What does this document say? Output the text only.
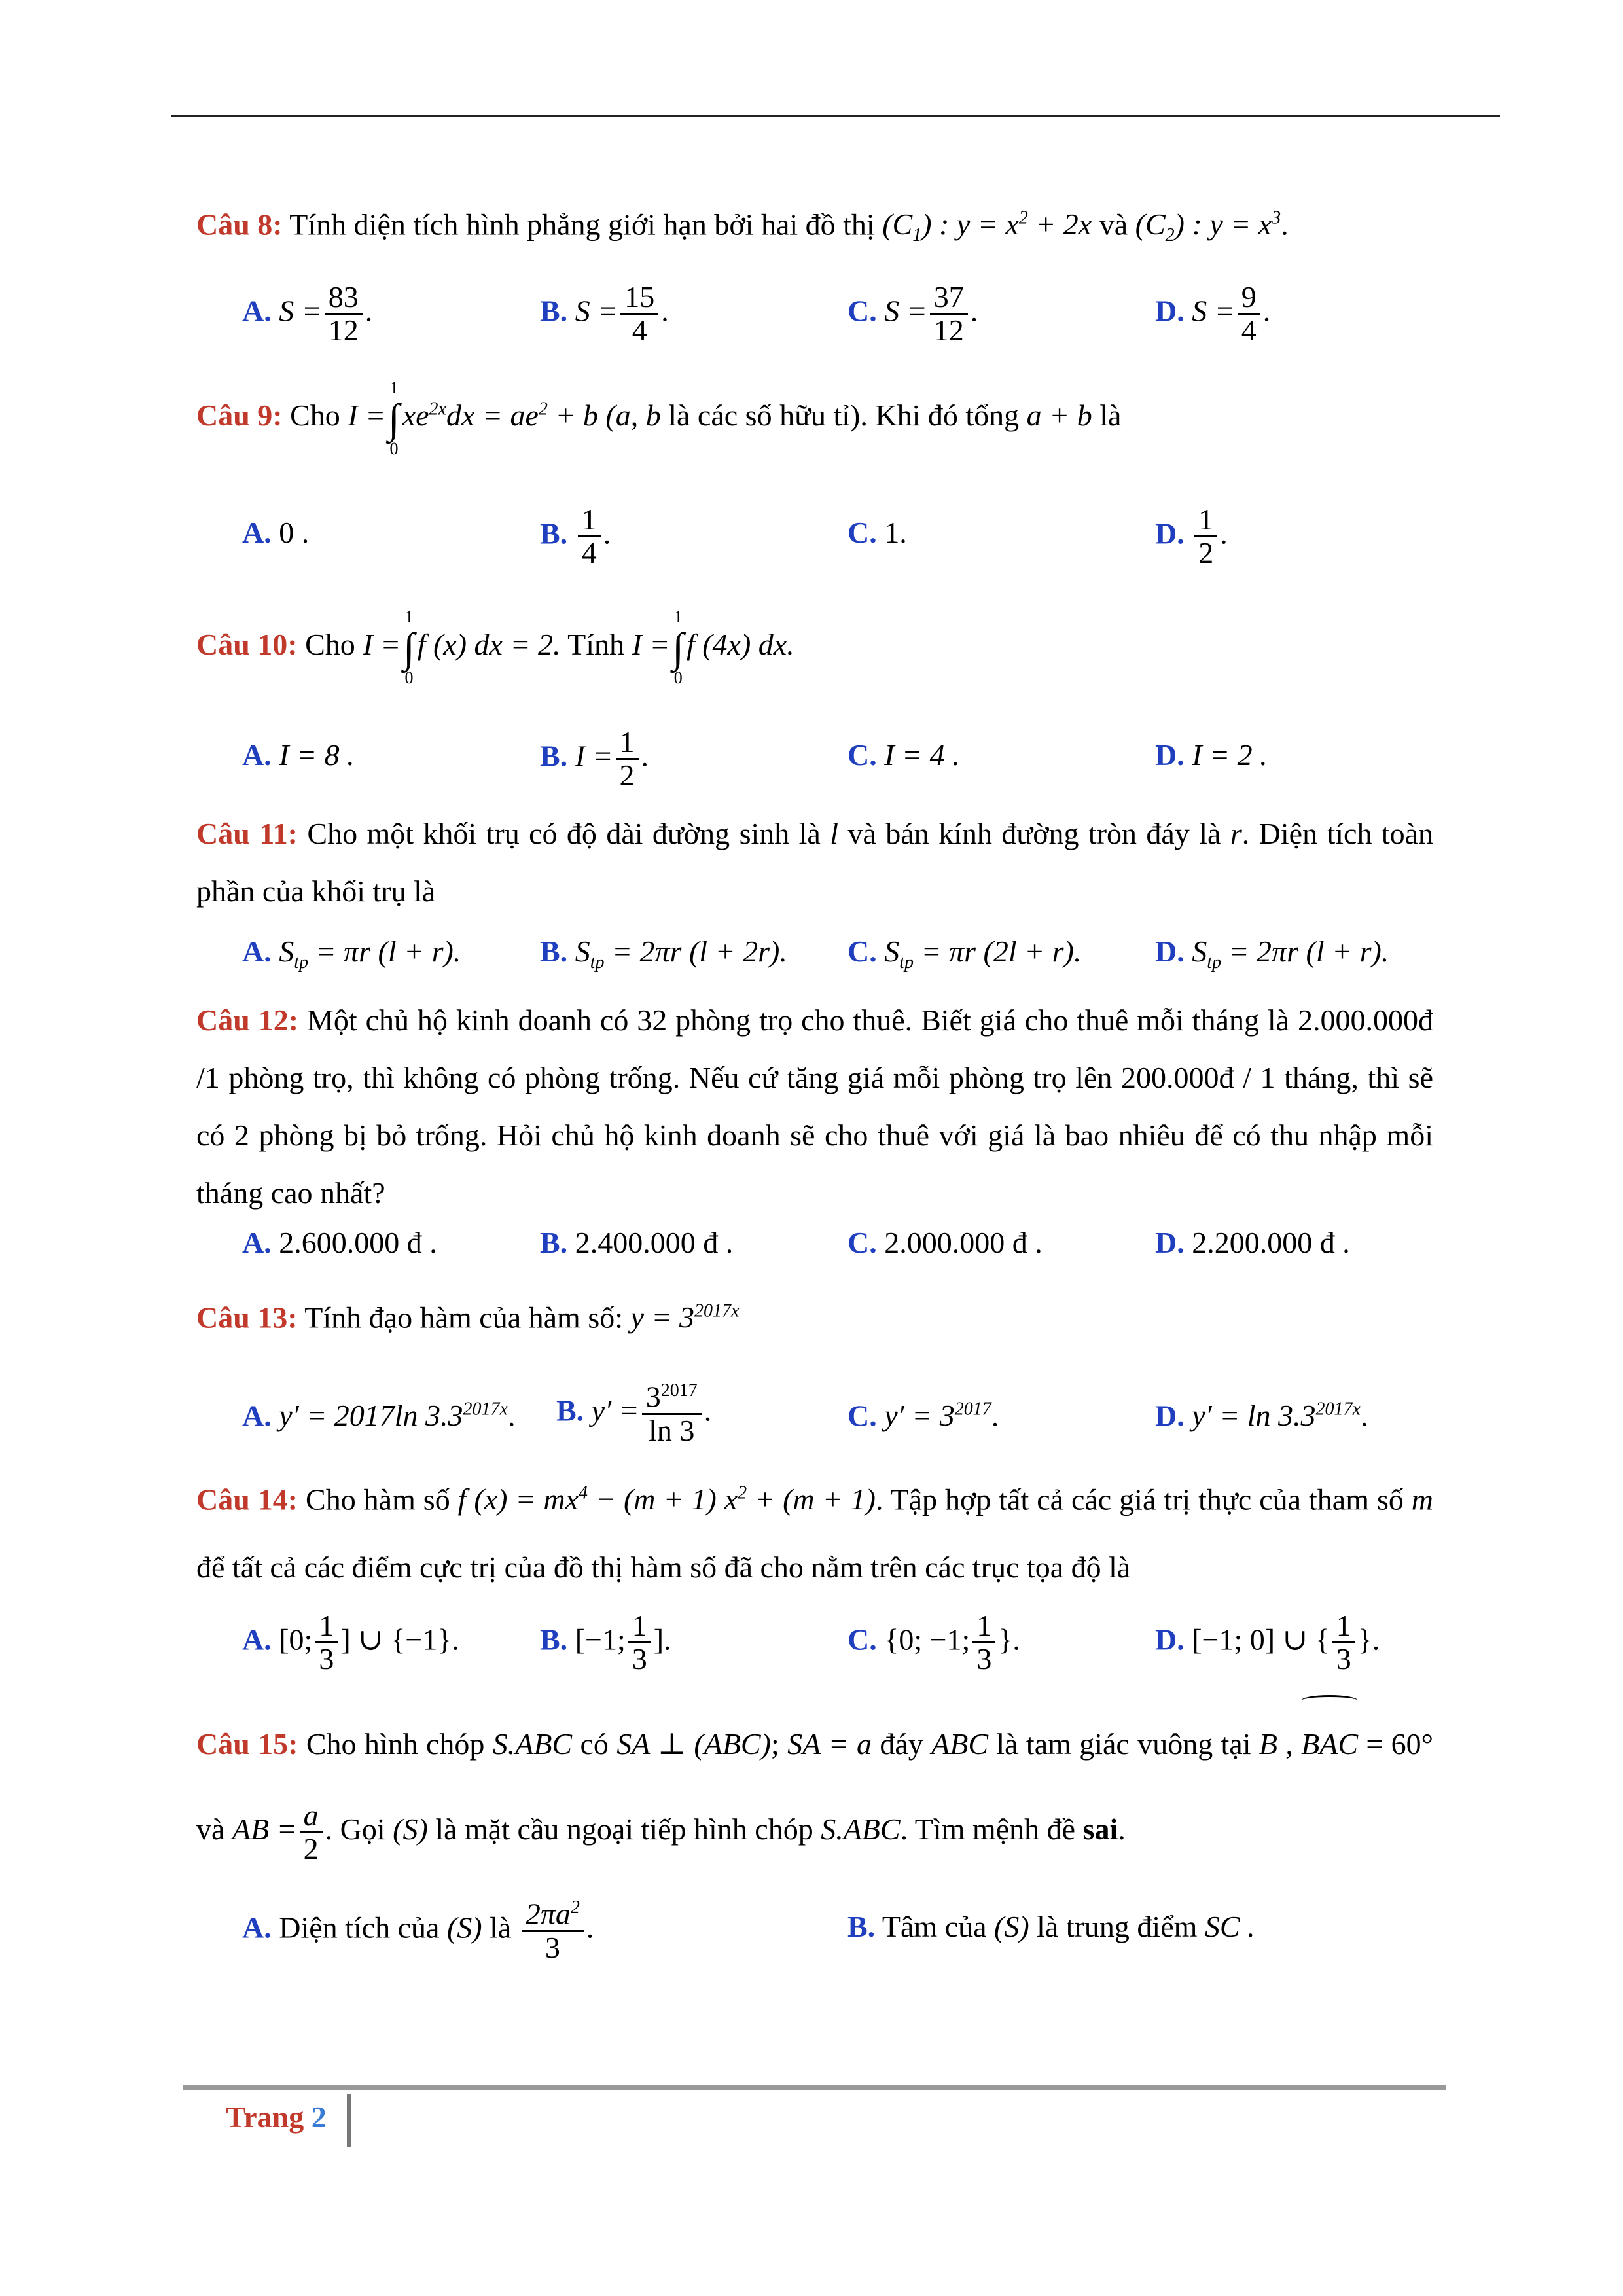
Câu 8: Tính diện tích hình phẳng giới hạn bởi hai đồ thị $(C_1)$ : $y = x^2 + 2x$ và $(C_2)$ : $y = x^3$.
A. $S = \frac{83}{12}$ .	B. $S = \frac{15}{4}$ .	C. $S = \frac{37}{12}$ .	D. $S = \frac{9}{4}$ .
Câu 9: Cho I =
1
∫
0
$xe^{2x}dx = ae^2 + b$ (a, b là các số hữu tỉ). Khi đó tổng a + b là
A. 0 .	B. $\frac{1}{4}$ .	C. 1.	D. $\frac{1}{2}$ .
Câu 10: Cho I =
1
∫
0
f (x) dx = 2. Tính I =
1
∫
0
f (4x) dx.
A. I = 8 .	B. $I = \frac{1}{2}$ .	C. I = 4 .	D. I = 2 .
Câu 11: Cho một khối trụ có độ dài đường sinh là l và bán kính đường tròn đáy là r. Diện tích toàn phần của khối trụ là
A. $S_{tp} = \pi r$ (l + r).	B. $S_{tp} = 2\pi r$ (l + 2r). C. $S_{tp} = \pi r$ (2l + r). D. $S_{tp} = 2\pi r$ (l + r).
Câu 12: Một chủ hộ kinh doanh có 32 phòng trọ cho thuê. Biết giá cho thuê mỗi tháng là 2.000.000đ /1 phòng trọ, thì không có phòng trống. Nếu cứ tăng giá mỗi phòng trọ lên 200.000đ / 1 tháng, thì sẽ có 2 phòng bị bỏ trống. Hỏi chủ hộ kinh doanh sẽ cho thuê với giá là bao nhiêu để có thu nhập mỗi tháng cao nhất?
A. 2.600.000 đ .	B. 2.400.000 đ .	C. 2.000.000 đ .	D. 2.200.000 đ .
Câu 13: Tính đạo hàm của hàm số: $y = 3^{2017x}$
A. y′ = 2017ln $3.3^{2017x}$. B. $y' = \frac{3^{2017}}{\ln 3}$ .	C. $y' = 3^{2017}$.	D. $y' = \ln 3.3^{2017x}$.
Câu 14: Cho hàm số f $(x) = mx^4 - (m + 1) x^2 + (m + 1)$. Tập hợp tất cả các giá trị thực của tham số m để tất cả các điểm cực trị của đồ thị hàm số đã cho nằm trên các trục tọa độ là
A. [0; $\frac{1}{3}$ ] ∪ {−1}.	B. [−1; $\frac{1}{3}$ ].	C. {0; −1; $\frac{1}{3}$ }.	D. [−1; 0] ∪ { $\frac{1}{3}$ }.
Câu 15: Cho hình chóp S.ABC có SA ⊥ (ABC); SA = a đáy ABC là tam giác vuông tại B , BAC = 60° và AB = $\frac{a}{2}$ . Gọi (S) là mặt cầu ngoại tiếp hình chóp S.ABC. Tìm mệnh đề sai.
A. Diện tích của (S) là $\frac{2\pi a^2}{3}$ .	B. Tâm của (S) là trung điểm SC .
Trang 2
